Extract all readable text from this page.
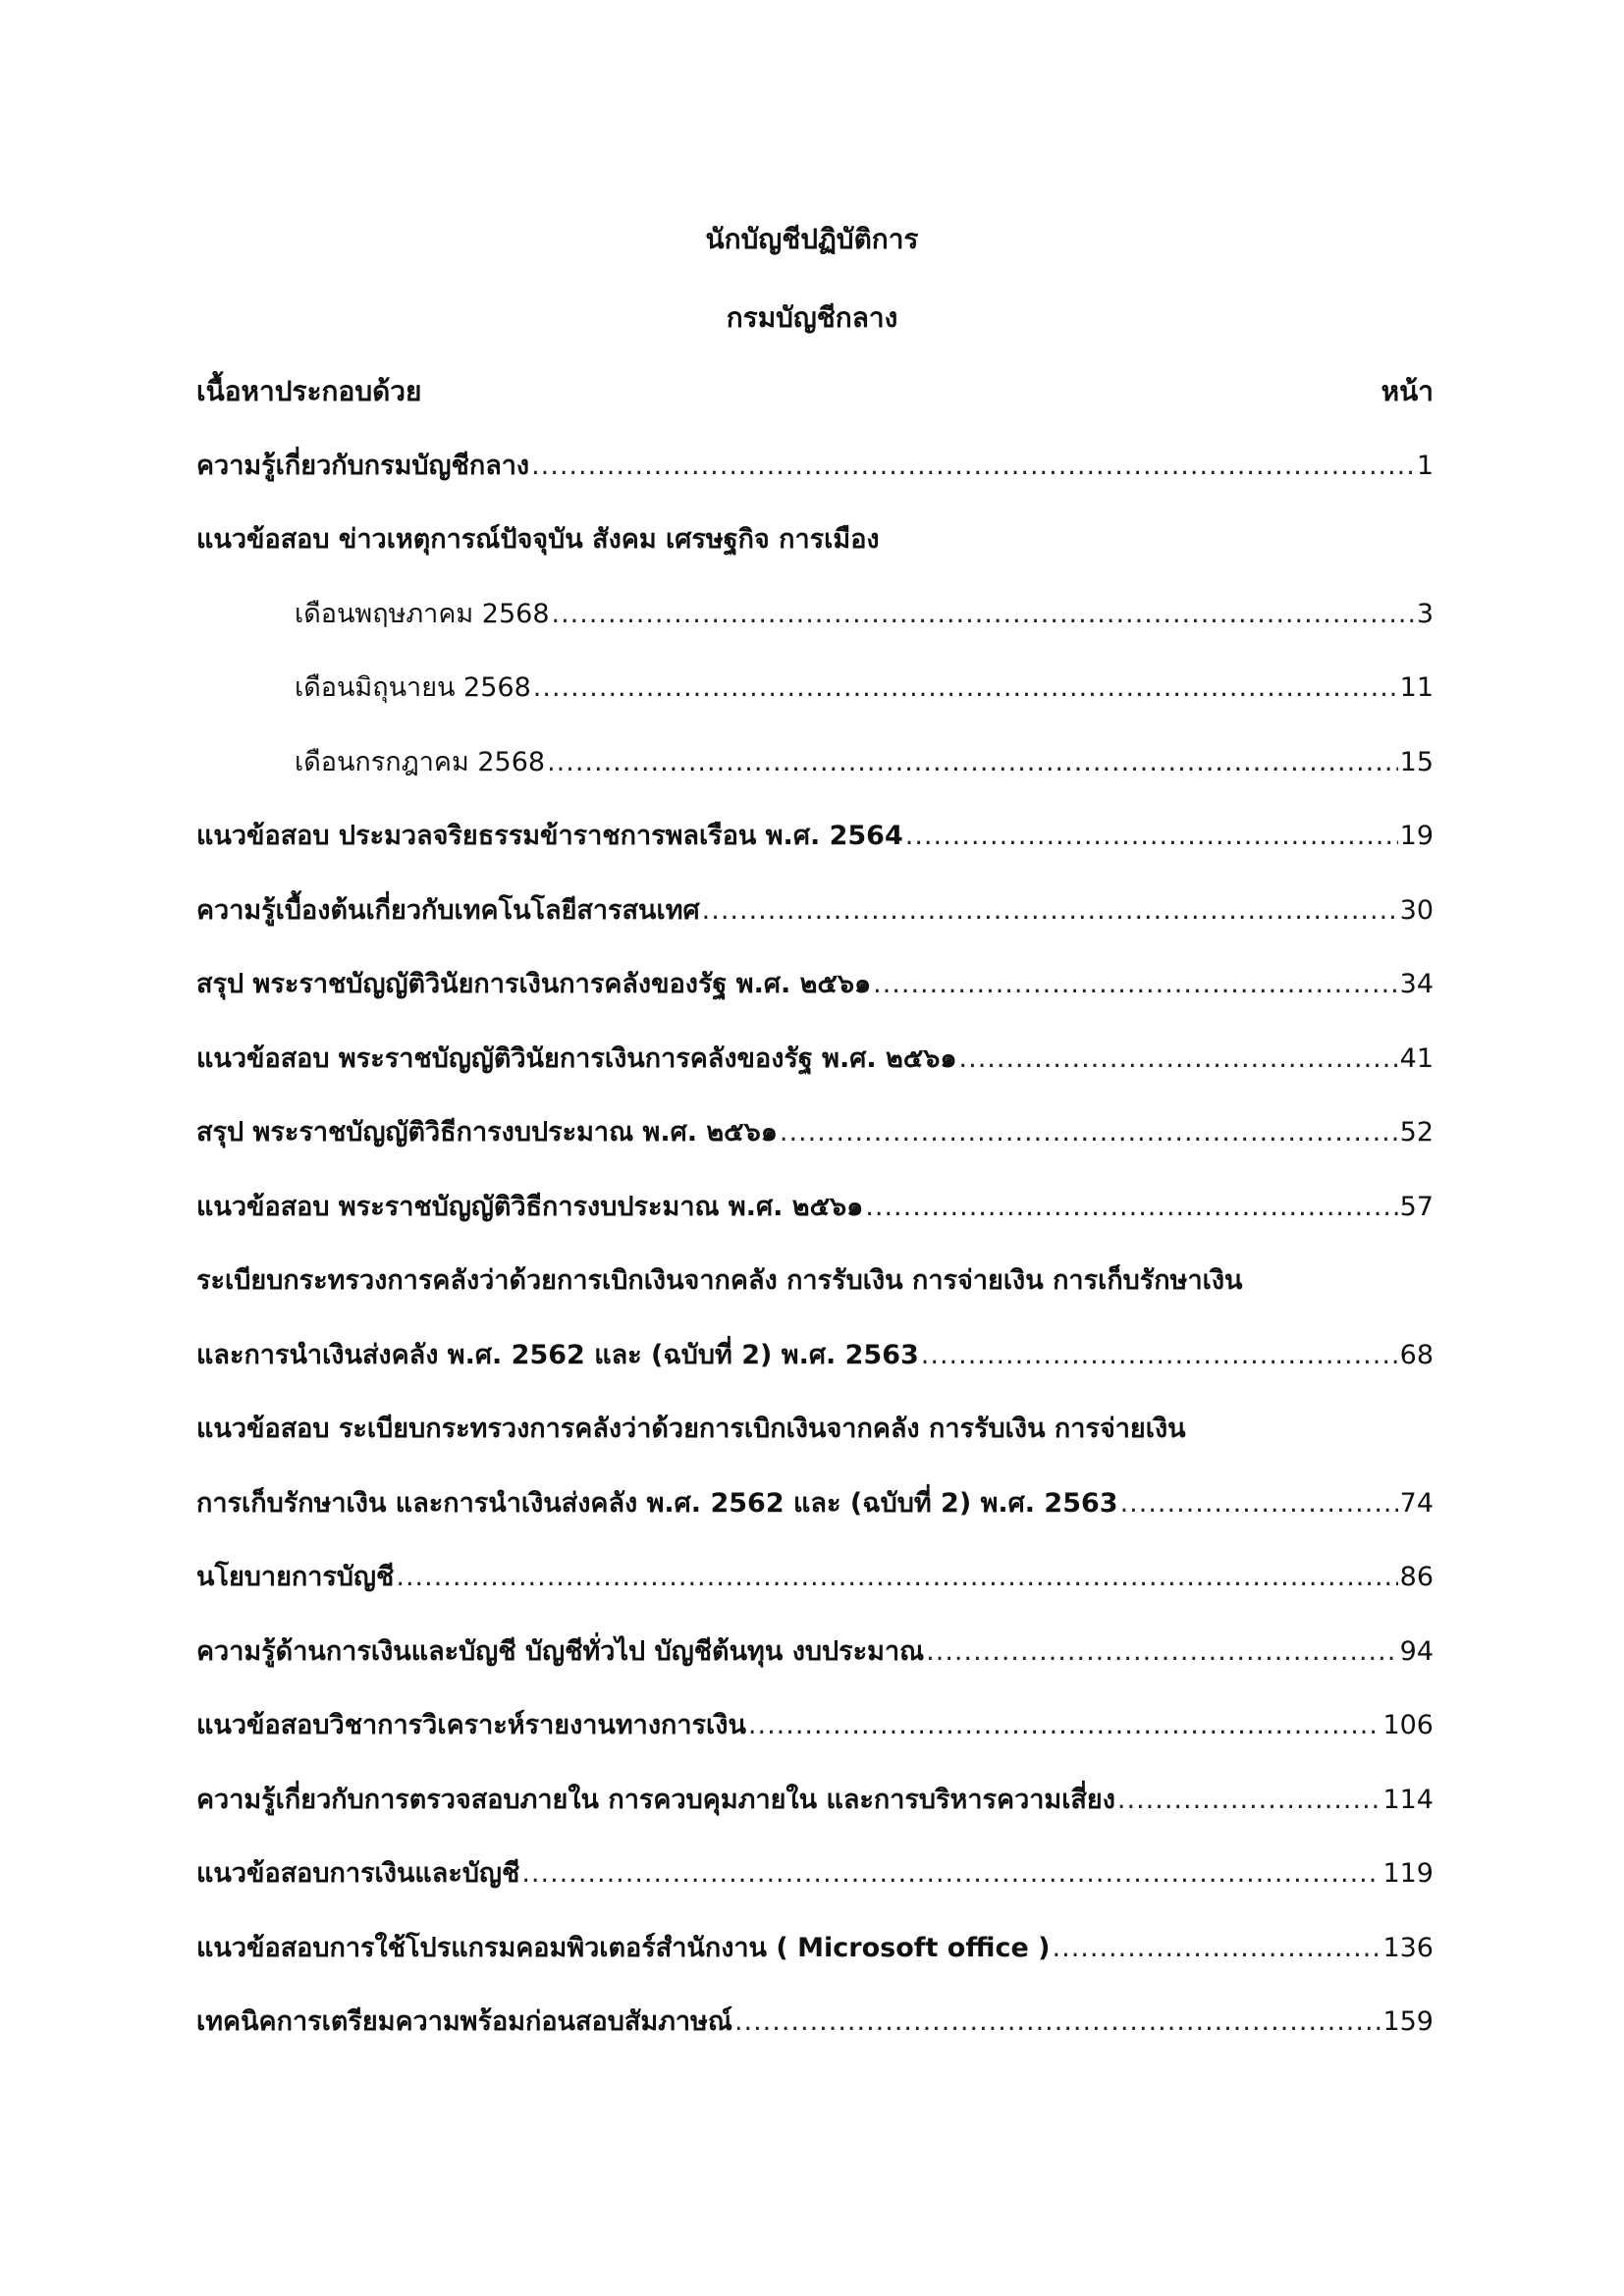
นักบัญชีปฏิบัติการ
กรมบัญชีกลาง
เนื้อหาประกอบด้วย	หน้า
ความรู้เกี่ยวกับกรมบัญชีกลาง .....	1
แนวข้อสอบ ข่าวเหตุการณ์ปัจจุบัน สังคม เศรษฐกิจ การเมือง
เดือนพฤษภาคม 2568 .....	3
เดือนมิถุนายน 2568 .....	11
เดือนกรกฎาคม 2568 .....	15
แนวข้อสอบ ประมวลจริยธรรมข้าราชการพลเรือน พ.ศ. 2564 .....	19
ความรู้เบื้องต้นเกี่ยวกับเทคโนโลยีสารสนเทศ .....	30
สรุป พระราชบัญญัติวินัยการเงินการคลังของรัฐ พ.ศ. ๒๕๖๑ .....	34
แนวข้อสอบ พระราชบัญญัติวินัยการเงินการคลังของรัฐ พ.ศ. ๒๕๖๑ .....	41
สรุป พระราชบัญญัติวิธีการงบประมาณ พ.ศ. ๒๕๖๑ .....	52
แนวข้อสอบ พระราชบัญญัติวิธีการงบประมาณ พ.ศ. ๒๕๖๑ .....	57
ระเบียบกระทรวงการคลังว่าด้วยการเบิกเงินจากคลัง การรับเงิน การจ่ายเงิน การเก็บรักษาเงิน
และการนำเงินส่งคลัง พ.ศ. 2562 และ (ฉบับที่ 2) พ.ศ. 2563 .....	68
แนวข้อสอบ ระเบียบกระทรวงการคลังว่าด้วยการเบิกเงินจากคลัง การรับเงิน การจ่ายเงิน
การเก็บรักษาเงิน และการนำเงินส่งคลัง พ.ศ. 2562 และ (ฉบับที่ 2) พ.ศ. 2563 .....	74
นโยบายการบัญชี .....	86
ความรู้ด้านการเงินและบัญชี บัญชีทั่วไป บัญชีต้นทุน งบประมาณ .....	94
แนวข้อสอบวิชาการวิเคราะห์รายงานทางการเงิน .....	106
ความรู้เกี่ยวกับการตรวจสอบภายใน การควบคุมภายใน และการบริหารความเสี่ยง .....	114
แนวข้อสอบการเงินและบัญชี .....	119
แนวข้อสอบการใช้โปรแกรมคอมพิวเตอร์สำนักงาน ( Microsoft office ) .....	136
เทคนิคการเตรียมความพร้อมก่อนสอบสัมภาษณ์ .....	159
